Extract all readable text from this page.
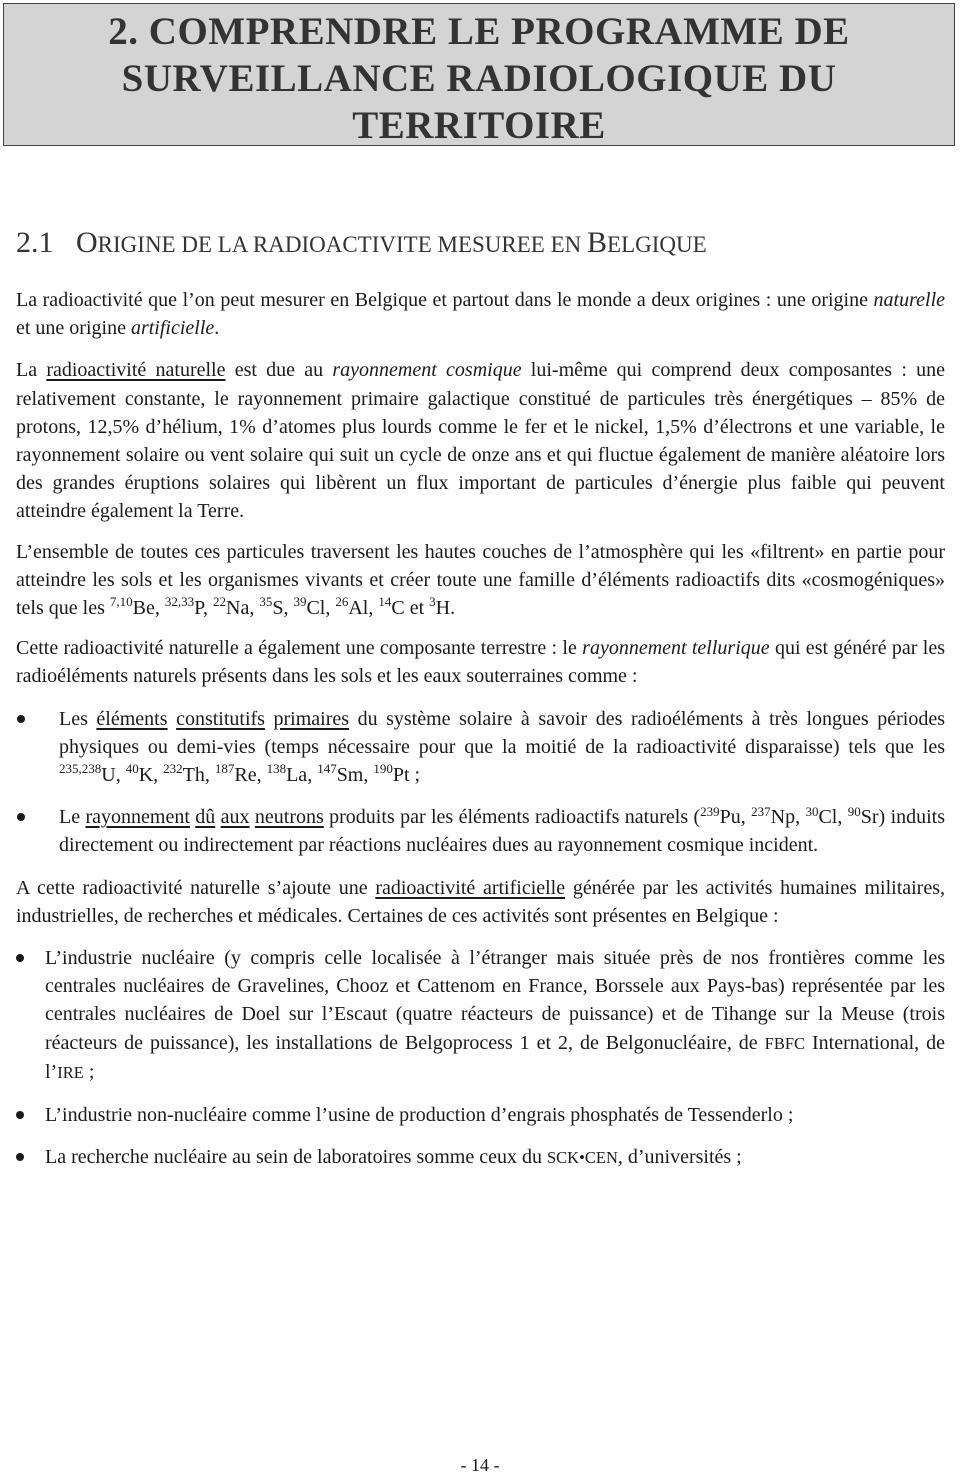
2. COMPRENDRE LE PROGRAMME DE
SURVEILLANCE RADIOLOGIQUE DU
TERRITOIRE
2.1 ORIGINE DE LA RADIOACTIVITE MESUREE EN BELGIQUE

La radioactivité que l’on peut mesurer en Belgique et partout dans le monde a deux origines : une origine naturelle et une origine artificielle.

La radioactivité naturelle est due au rayonnement cosmique lui-même qui comprend deux composantes : une relativement constante, le rayonnement primaire galactique constitué de particules très énergétiques – 85% de protons, 12,5% d’hélium, 1% d’atomes plus lourds comme le fer et le nickel, 1,5% d’électrons et une variable, le rayonnement solaire ou vent solaire qui suit un cycle de onze ans et qui fluctue également de manière aléatoire lors des grandes éruptions solaires qui libèrent un flux important de particules d’énergie plus faible qui peuvent atteindre également la Terre.

L’ensemble de toutes ces particules traversent les hautes couches de l’atmosphère qui les «filtrent» en partie pour atteindre les sols et les organismes vivants et créer toute une famille d’éléments radioactifs dits «cosmogéniques» tels que les $^{7,10}$Be, $^{32,33}$P, $^{22}$Na, $^{35}$S, $^{39}$Cl, $^{26}$Al, $^{14}$C et $^3$H.

Cette radioactivité naturelle a également une composante terrestre : le rayonnement tellurique qui est généré par les radioéléments naturels présents dans les sols et les eaux souterraines comme :

Les éléments constitutifs primaires du système solaire à savoir des radioéléments à très longues périodes physiques ou demi-vies (temps nécessaire pour que la moitié de la radioactivité disparaisse) tels que les $^{235,238}$U, $^{40}$K, $^{232}$Th, $^{187}$Re, $^{138}$La, $^{147}$Sm, $^{190}$Pt ;
Le rayonnement dû aux neutrons produits par les éléments radioactifs naturels ($^{239}$Pu, $^{237}$Np, $^{30}$Cl, $^{90}$Sr) induits directement ou indirectement par réactions nucléaires dues au rayonnement cosmique incident.

A cette radioactivité naturelle s’ajoute une radioactivité artificielle générée par les activités humaines militaires, industrielles, de recherches et médicales. Certaines de ces activités sont présentes en Belgique :

L’industrie nucléaire (y compris celle localisée à l’étranger mais située près de nos frontières comme les centrales nucléaires de Gravelines, Chooz et Cattenom en France, Borssele aux Pays-bas) représentée par les centrales nucléaires de Doel sur l’Escaut (quatre réacteurs de puissance) et de Tihange sur la Meuse (trois réacteurs de puissance), les installations de Belgoprocess 1 et 2, de Belgonucléaire, de FBFC International, de l’IRE ;
L’industrie non-nucléaire comme l’usine de production d’engrais phosphatés de Tessenderlo ;
La recherche nucléaire au sein de laboratoires somme ceux du SCK•CEN, d’universités ;
- 14 -
